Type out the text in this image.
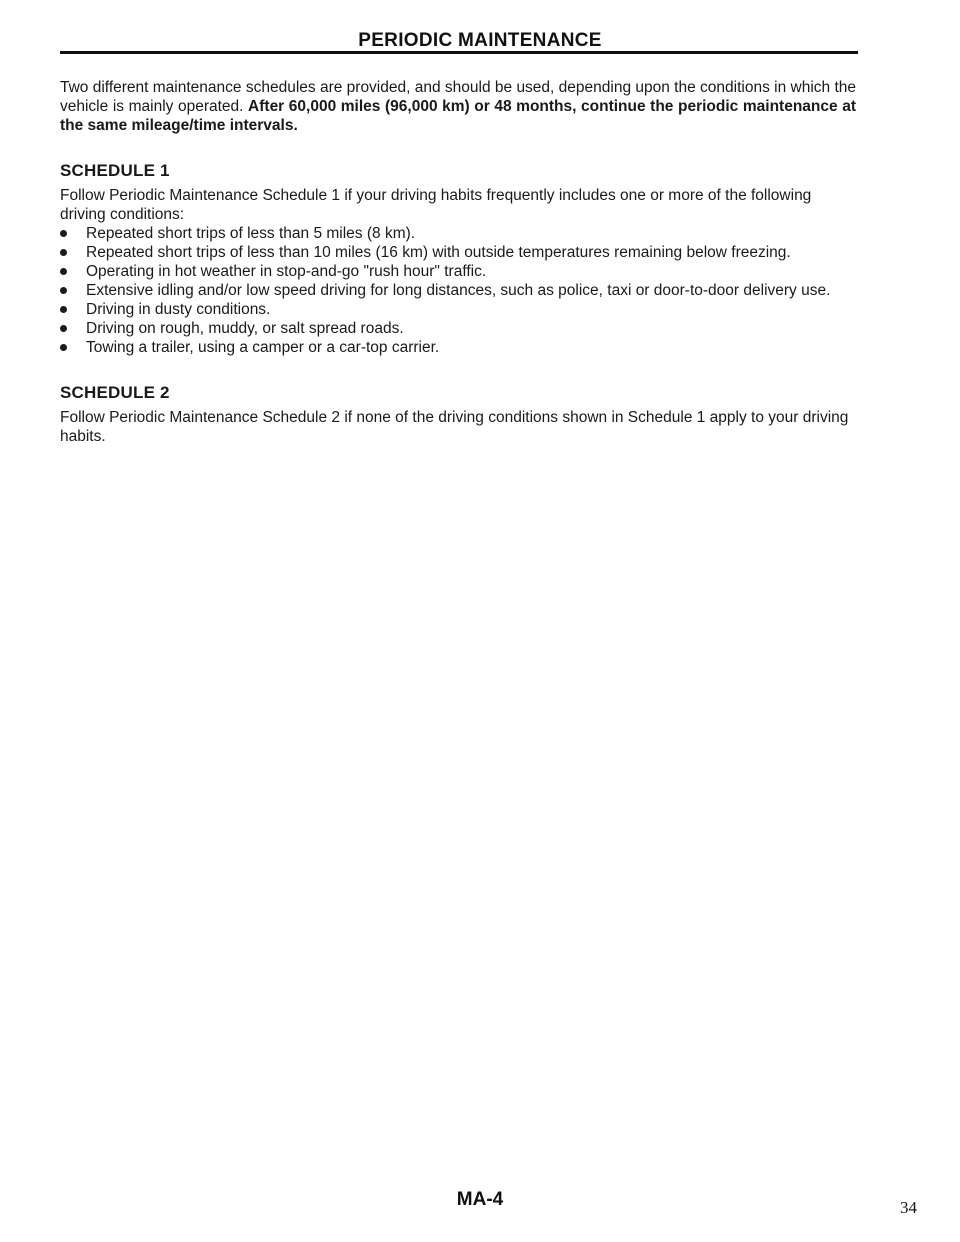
PERIODIC MAINTENANCE

Two different maintenance schedules are provided, and should be used, depending upon the conditions in which the vehicle is mainly operated. After 60,000 miles (96,000 km) or 48 months, continue the periodic maintenance at the same mileage/time intervals.

SCHEDULE 1

Follow Periodic Maintenance Schedule 1 if your driving habits frequently includes one or more of the following driving conditions:

Repeated short trips of less than 5 miles (8 km).
Repeated short trips of less than 10 miles (16 km) with outside temperatures remaining below freezing.
Operating in hot weather in stop-and-go "rush hour" traffic.
Extensive idling and/or low speed driving for long distances, such as police, taxi or door-to-door delivery use.
Driving in dusty conditions.
Driving on rough, muddy, or salt spread roads.
Towing a trailer, using a camper or a car-top carrier.
SCHEDULE 2

Follow Periodic Maintenance Schedule 2 if none of the driving conditions shown in Schedule 1 apply to your driving habits.

MA-4	34
